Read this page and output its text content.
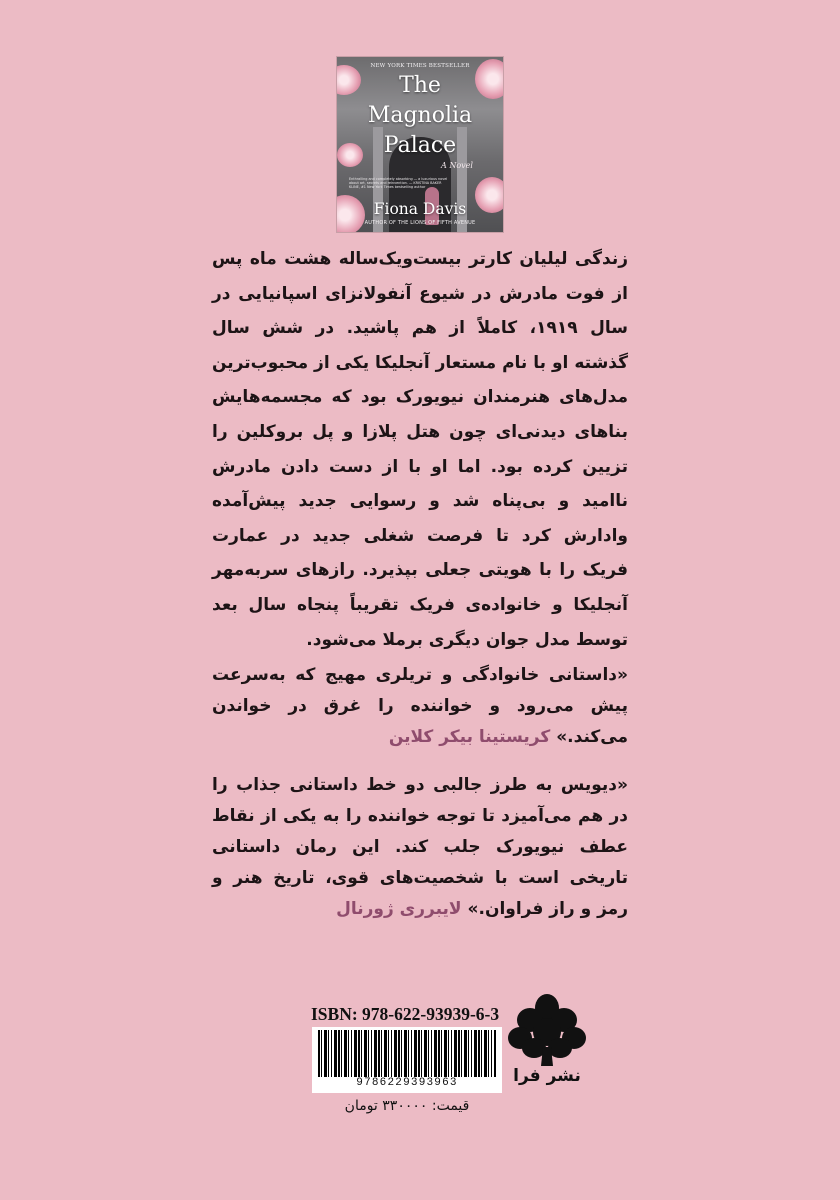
NEW YORK TIMES BESTSELLER
The
Magnolia
Palace
A Novel
Enthralling and completely absorbing — a luxurious novel about art, secrets and reinvention. — KRISTINA BAKER KLINE, #1 New York Times bestselling author
Fiona Davis
AUTHOR OF THE LIONS OF FIFTH AVENUE
زندگی لیلیان کارتر بیست‌ویک‌ساله هشت ماه پس از فوت مادرش در شیوع آنفولانزای اسپانیایی در سال ۱۹۱۹، کاملاً از هم پاشید. در شش سال گذشته او با نام مستعار آنجلیکا یکی از محبوب‌ترین مدل‌های هنرمندان نیویورک بود که مجسمه‌هایش بناهای دیدنی‌ای چون هتل پلازا و پل بروکلین را تزیین کرده بود. اما او با از دست دادن مادرش ناامید و بی‌پناه شد و رسوایی جدید پیش‌آمده وادارش کرد تا فرصت شغلی جدید در عمارت فریک را با هویتی جعلی بپذیرد. رازهای سربه‌مهر آنجلیکا و خانواده‌ی فریک تقریباً پنجاه سال بعد توسط مدل جوان دیگری برملا می‌شود.
«داستانی خانوادگی و تریلری مهیج که به‌سرعت پیش می‌رود و خواننده را غرق در خواندن می‌کند.» کریستینا بیکر کلاین
«دیویس به طرز جالبی دو خط داستانی جذاب را در هم می‌آمیزد تا توجه خواننده را به یکی از نقاط عطف نیویورک جلب کند. این رمان داستانی تاریخی است با شخصیت‌های قوی، تاریخ هنر و رمز و راز فراوان.» لایبرری ژورنال
ISBN: 978-622-93939-6-3
9786229393963
قیمت: ۳۳۰۰۰۰ تومان
نشر فرا
